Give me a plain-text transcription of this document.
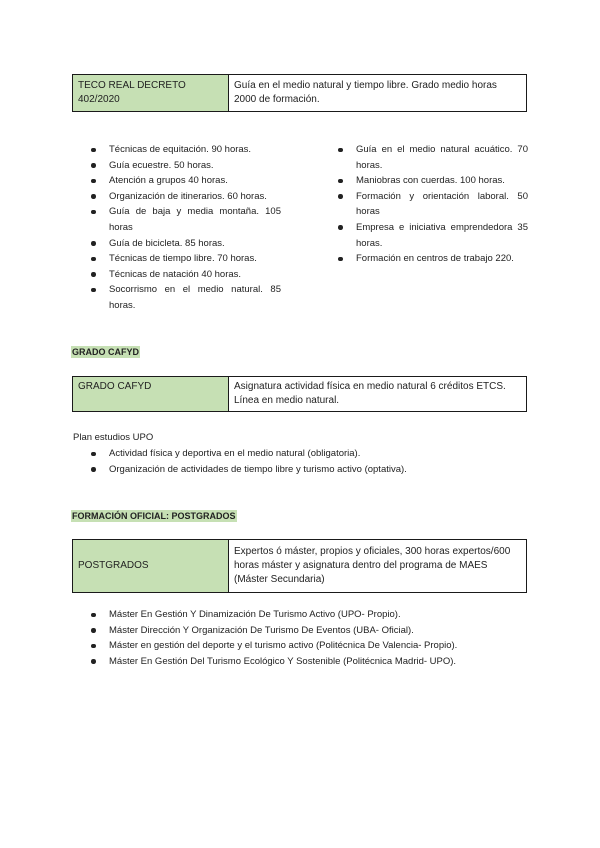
TECO REAL DECRETO 402/2020	Guía en el medio natural y tiempo libre. Grado medio horas 2000 de formación.
Técnicas de equitación. 90 horas.
Guía ecuestre. 50 horas.
Atención a grupos 40 horas.
Organización de itinerarios. 60 horas.
Guía de baja y media montaña. 105 horas
Guía de bicicleta. 85 horas.
Técnicas de tiempo libre. 70 horas.
Técnicas de natación 40 horas.
Socorrismo en el medio natural. 85 horas.
Guía en el medio natural acuático. 70 horas.
Maniobras con cuerdas. 100 horas.
Formación y orientación laboral. 50 horas
Empresa e iniciativa emprendedora 35 horas.
Formación en centros de trabajo 220.
GRADO CAFYD
GRADO CAFYD	Asignatura actividad física en medio natural 6 créditos ETCS. Línea en medio natural.
Plan estudios UPO
Actividad física y deportiva en el medio natural (obligatoria).
Organización de actividades de tiempo libre y turismo activo (optativa).
FORMACIÓN OFICIAL: POSTGRADOS
POSTGRADOS	Expertos ó máster, propios y oficiales, 300 horas expertos/600 horas máster y asignatura dentro del programa de MAES (Máster Secundaria)
Máster En Gestión Y Dinamización De Turismo Activo (UPO- Propio).
Máster Dirección Y Organización De Turismo De Eventos (UBA- Oficial).
Máster en gestión del deporte y el turismo activo (Politécnica De Valencia- Propio).
Máster En Gestión Del Turismo Ecológico Y Sostenible (Politécnica Madrid- UPO).
